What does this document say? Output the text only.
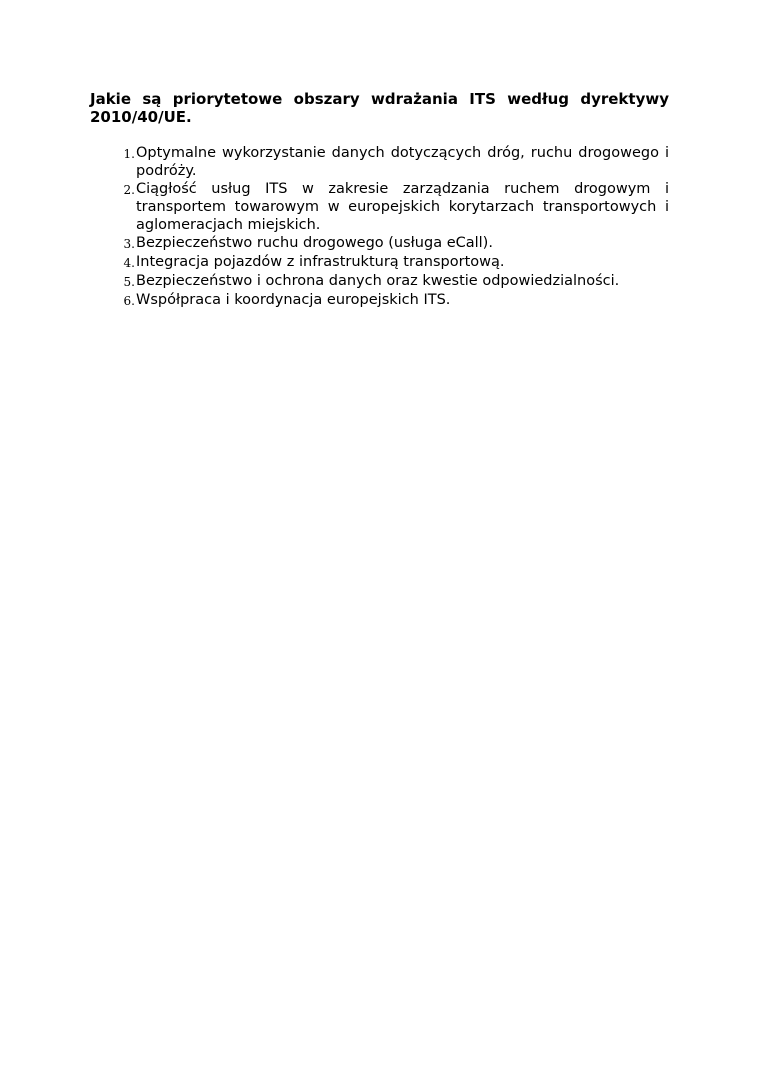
Jakie są priorytetowe obszary wdrażania ITS według dyrektywy 2010/40/UE.

1. Optymalne wykorzystanie danych dotyczących dróg, ruchu drogowego i podróży.
2. Ciągłość usług ITS w zakresie zarządzania ruchem drogowym i transportem towarowym w europejskich korytarzach transportowych i aglomeracjach miejskich.
3. Bezpieczeństwo ruchu drogowego (usługa eCall).
4. Integracja pojazdów z infrastrukturą transportową.
5. Bezpieczeństwo i ochrona danych oraz kwestie odpowiedzialności.
6. Współpraca i koordynacja europejskich ITS.
